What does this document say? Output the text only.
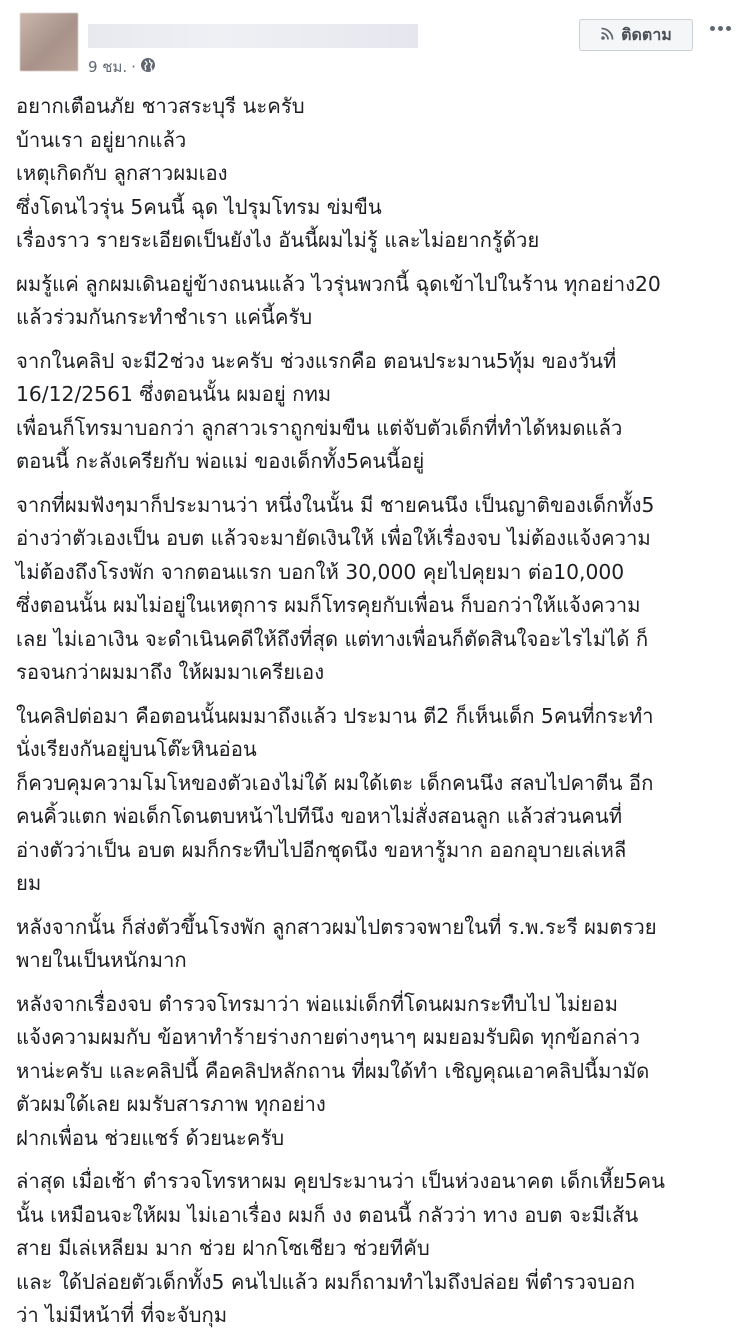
9 ชม. ·
ติดตาม

อยากเตือนภัย ชาวสระบุรี นะครับ
บ้านเรา อยู่ยากแล้ว
เหตุเกิดกับ ลูกสาวผมเอง
ซึ่งโดนไวรุ่น 5คนนี้ ฉุด ไปรุมโทรม ข่มขืน
เรื่องราว รายระเอียดเป็นยังไง อันนี้ผมไม่รู้ และไม่อยากรู้ด้วย

ผมรู้แค่ ลูกผมเดินอยู่ข้างถนนแล้ว ไวรุ่นพวกนี้ ฉุดเข้าไปในร้าน ทุกอย่าง20
แล้วร่วมกันกระทำชำเรา แค่นี้ครับ

จากในคลิป จะมี2ช่วง นะครับ ช่วงแรกคือ ตอนประมาน5ทุ้ม ของวันที่
16/12/2561 ซึ่งตอนนั้น ผมอยู่ กทม
เพื่อนก็โทรมาบอกว่า ลูกสาวเราถูกข่มขืน แต่จับตัวเด็กที่ทำได้หมดแล้ว
ตอนนี้ กะลังเครียกับ พ่อแม่ ของเด็กทั้ง5คนนี้อยู่

จากที่ผมฟังๆมาก็ประมานว่า หนึ่งในนั้น มี ชายคนนึง เป็นญาติของเด็กทั้ง5
อ่างว่าตัวเองเป็น อบต แล้วจะมายัดเงินให้ เพื่อให้เรื่องจบ ไม่ต้องแจ้งความ
ไม่ต้องถึงโรงพัก จากตอนแรก บอกให้ 30,000 คุยไปคุยมา ต่อ10,000
ซึ่งตอนนั้น ผมไม่อยู่ในเหตุการ ผมก็โทรคุยกับเพื่อน ก็บอกว่าให้แจ้งความ
เลย ไม่เอาเงิน จะดำเนินคดีให้ถึงที่สุด แต่ทางเพื่อนก็ตัดสินใจอะไรไม่ได้ ก็
รอจนกว่าผมมาถึง ให้ผมมาเครียเอง

ในคลิปต่อมา คือตอนนั้นผมมาถึงแล้ว ประมาน ตี2 ก็เห็นเด็ก 5คนที่กระทำ
นั่งเรียงกันอยู่บนโต๊ะหินอ่อน
ก็ควบคุมความโมโหของตัวเองไม่ใด้ ผมใด้เตะ เด็กคนนึง สลบไปคาตีน อีก
คนคิ้วแตก พ่อเด็กโดนตบหน้าไปทีนึง ขอหาไม่สั่งสอนลูก แล้วส่วนคนที่
อ่างตัวว่าเป็น อบต ผมก็กระทืบไปอีกชุดนึง ขอหารู้มาก ออกอุบายเล่เหลี
ยม

หลังจากนั้น ก็ส่งตัวขึ้นโรงพัก ลูกสาวผมไปตรวจพายในที่ ร.พ.ระรี ผมตรวย
พายในเป็นหนักมาก

หลังจากเรื่องจบ ตำรวจโทรมาว่า พ่อแม่เด็กที่โดนผมกระทืบไป ไม่ยอม
แจ้งความผมกับ ข้อหาทำร้ายร่างกายต่างๆนาๆ ผมยอมรับผิด ทุกข้อกล่าว
หาน่ะครับ และคลิปนี้ คือคลิปหลักถาน ที่ผมใด้ทำ เชิญคุณเอาคลิปนี้มามัด
ตัวผมใด้เลย ผมรับสารภาพ ทุกอย่าง
ฝากเพื่อน ช่วยแชร์ ด้วยนะครับ

ล่าสุด เมื่อเช้า ตำรวจโทรหาผม คุยประมานว่า เป็นห่วงอนาคต เด็กเหี้ย5คน
นั้น เหมือนจะให้ผม ไม่เอาเรื่อง ผมก็ งง ตอนนี้ กลัวว่า ทาง อบต จะมีเส้น
สาย มีเล่เหลียม มาก ช่วย ฝากโซเชียว ช่วยทีคับ
และ ใด้ปล่อยตัวเด็กทั้ง5 คนไปแล้ว ผมก็ถามทำไมถึงปล่อย พี่ตำรวจบอก
ว่า ไม่มีหน้าที่ ที่จะจับกุม
